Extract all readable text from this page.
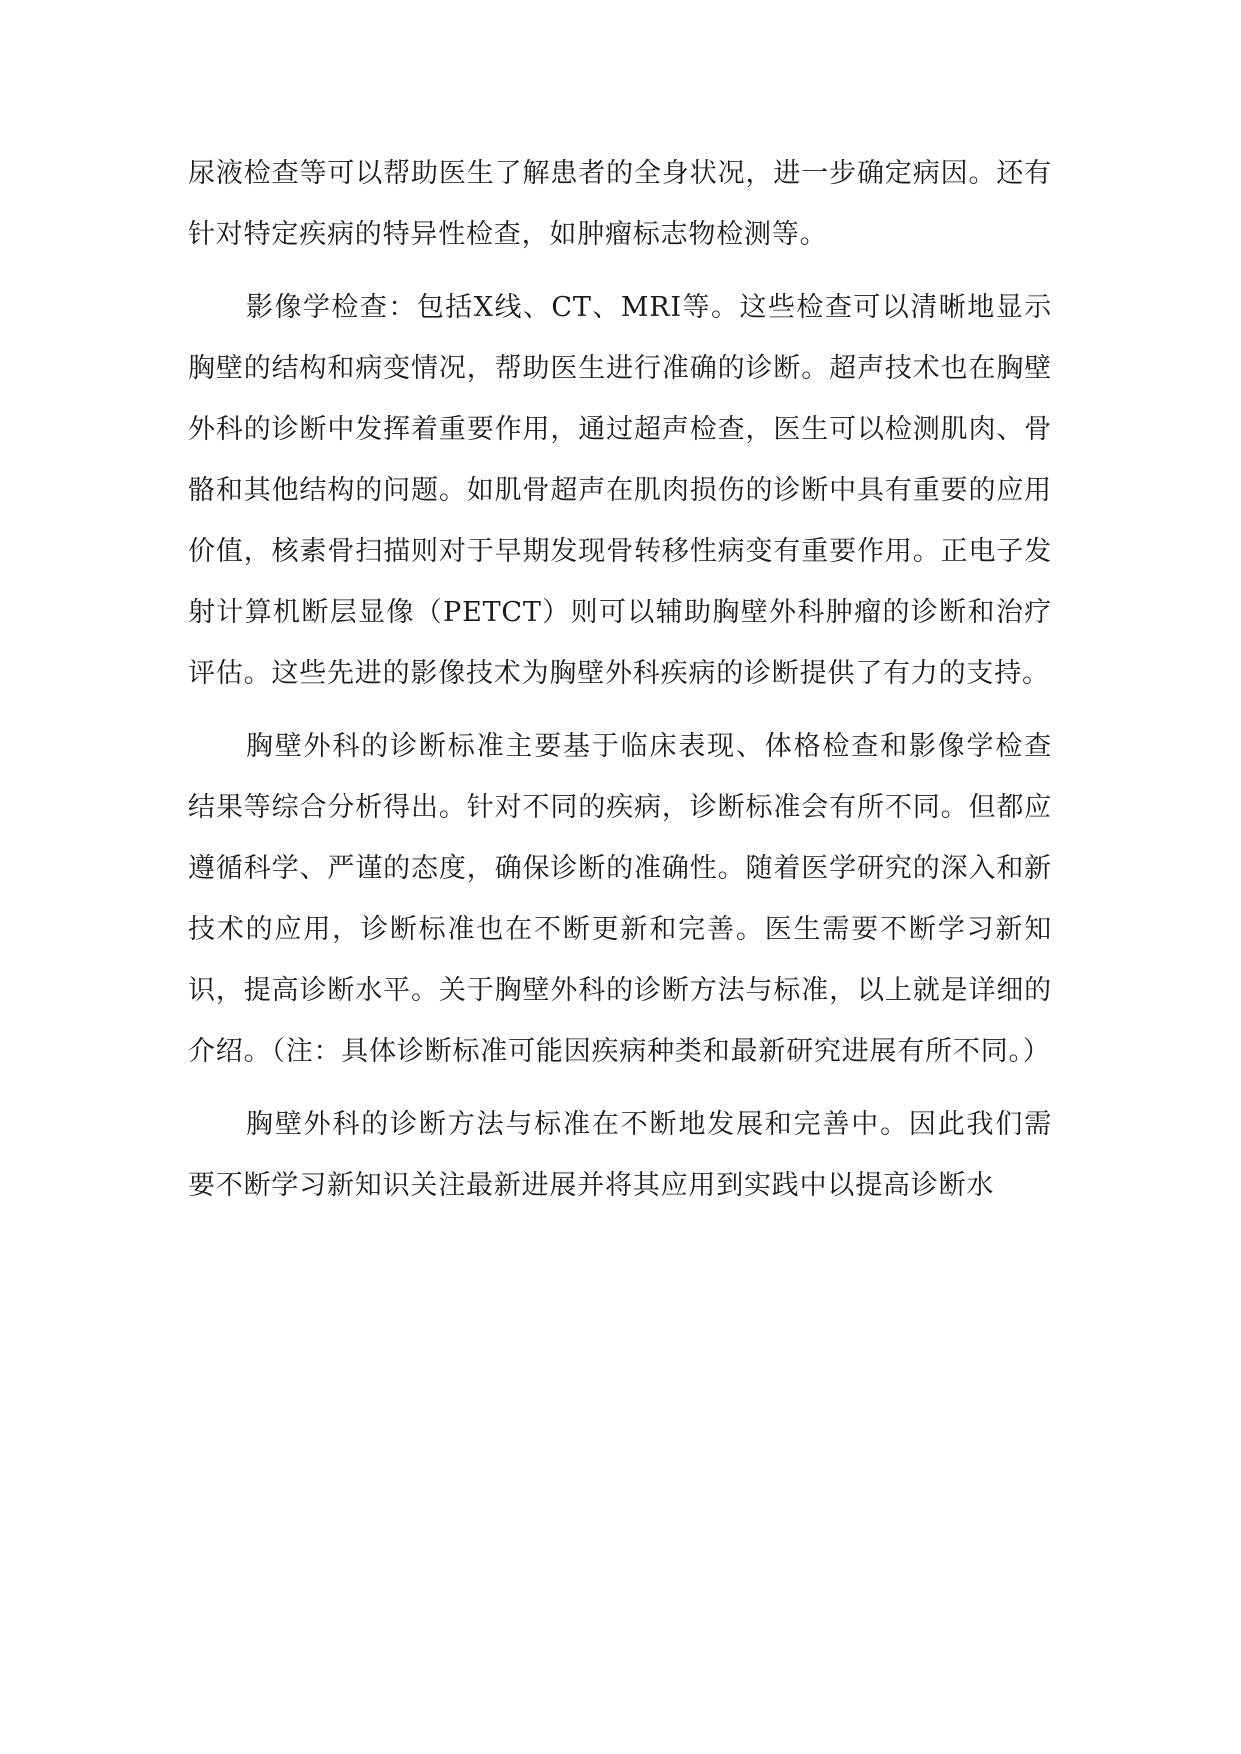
尿液检查等可以帮助医生了解患者的全身状况，进一步确定病因。还有针对特定疾病的特异性检查，如肿瘤标志物检测等。

影像学检查：包括X线、CT、MRI等。这些检查可以清晰地显示胸壁的结构和病变情况，帮助医生进行准确的诊断。超声技术也在胸壁外科的诊断中发挥着重要作用，通过超声检查，医生可以检测肌肉、骨骼和其他结构的问题。如肌骨超声在肌肉损伤的诊断中具有重要的应用价值，核素骨扫描则对于早期发现骨转移性病变有重要作用。正电子发射计算机断层显像（PETCT）则可以辅助胸壁外科肿瘤的诊断和治疗评估。这些先进的影像技术为胸壁外科疾病的诊断提供了有力的支持。

胸壁外科的诊断标准主要基于临床表现、体格检查和影像学检查结果等综合分析得出。针对不同的疾病，诊断标准会有所不同。但都应遵循科学、严谨的态度，确保诊断的准确性。随着医学研究的深入和新技术的应用，诊断标准也在不断更新和完善。医生需要不断学习新知识，提高诊断水平。关于胸壁外科的诊断方法与标准，以上就是详细的介绍。（注：具体诊断标准可能因疾病种类和最新研究进展有所不同。）

胸壁外科的诊断方法与标准在不断地发展和完善中。因此我们需要不断学习新知识关注最新进展并将其应用到实践中以提高诊断水
